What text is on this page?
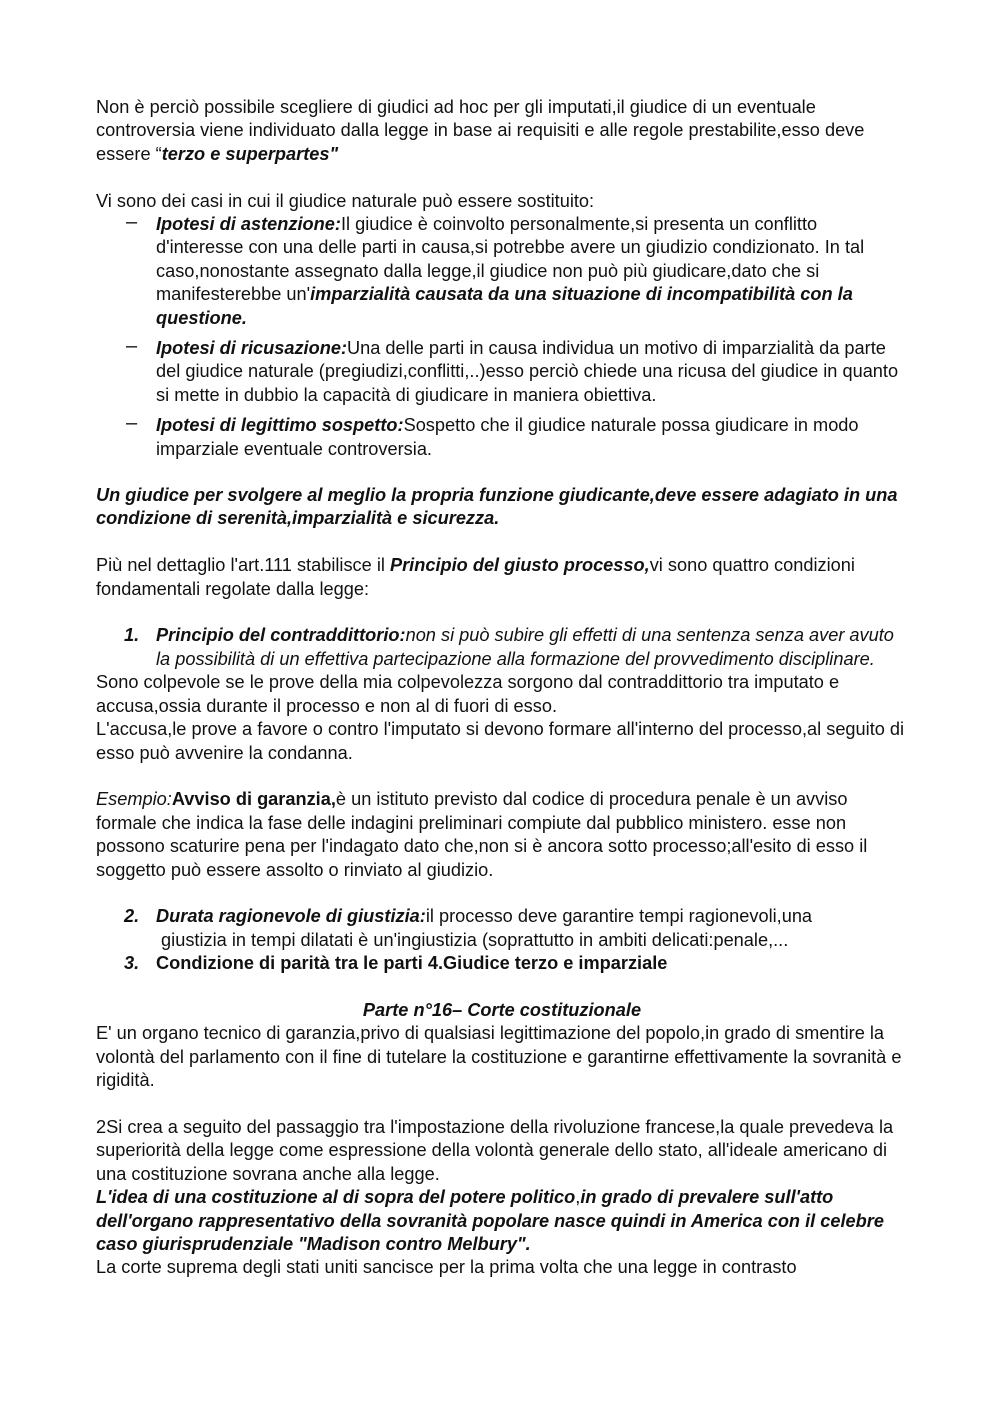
Non è perciò possibile scegliere di giudici ad hoc per gli imputati,il giudice di un eventuale controversia viene individuato dalla legge in base ai requisiti e alle regole prestabilite,esso deve essere “terzo e superpartes"

Vi sono dei casi in cui il giudice naturale può essere sostituito:

– Ipotesi di astenzione:Il giudice è coinvolto personalmente,si presenta un conflitto d'interesse con una delle parti in causa,si potrebbe avere un giudizio condizionato. In tal caso,nonostante assegnato dalla legge,il giudice non può più giudicare,dato che si manifesterebbe un'imparzialità causata da una situazione di incompatibilità con la questione.
– Ipotesi di ricusazione:Una delle parti in causa individua un motivo di imparzialità da parte del giudice naturale (pregiudizi,conflitti,..)esso perciò chiede una ricusa del giudice in quanto si mette in dubbio la capacità di giudicare in maniera obiettiva.
– Ipotesi di legittimo sospetto:Sospetto che il giudice naturale possa giudicare in modo imparziale eventuale controversia.

Un giudice per svolgere al meglio la propria funzione giudicante,deve essere adagiato in una condizione di serenità,imparzialità e sicurezza.

Più nel dettaglio l'art.111 stabilisce il Principio del giusto processo,vi sono quattro condizioni fondamentali regolate dalla legge:

1. Principio del contraddittorio:non si può subire gli effetti di una sentenza senza aver avuto la possibilità di un effettiva partecipazione alla formazione del provvedimento disciplinare.

Sono colpevole se le prove della mia colpevolezza sorgono dal contraddittorio tra imputato e accusa,ossia durante il processo e non al di fuori di esso.

L'accusa,le prove a favore o contro l'imputato si devono formare all'interno del processo,al seguito di esso può avvenire la condanna.

Esempio:Avviso di garanzia,è un istituto previsto dal codice di procedura penale è un avviso formale che indica la fase delle indagini preliminari compiute dal pubblico ministero. esse non possono scaturire pena per l'indagato dato che,non si è ancora sotto processo;all'esito di esso il soggetto può essere assolto o rinviato al giudizio.

2. Durata ragionevole di giustizia:il processo deve garantire tempi ragionevoli,una
giustizia in tempi dilatati è un'ingiustizia (soprattutto in ambiti delicati:penale,...
3. Condizione di parità tra le parti 4.Giudice terzo e imparziale

Parte n°16– Corte costituzionale

E' un organo tecnico di garanzia,privo di qualsiasi legittimazione del popolo,in grado di smentire la volontà del parlamento con il fine di tutelare la costituzione e garantirne effettivamente la sovranità e rigidità.

2Si crea a seguito del passaggio tra l'impostazione della rivoluzione francese,la quale prevedeva la superiorità della legge come espressione della volontà generale dello stato, all'ideale americano di una costituzione sovrana anche alla legge.

L'idea di una costituzione al di sopra del potere politico,in grado di prevalere sull'atto dell'organo rappresentativo della sovranità popolare nasce quindi in America con il celebre caso giurisprudenziale "Madison contro Melbury".

La corte suprema degli stati uniti sancisce per la prima volta che una legge in contrasto
